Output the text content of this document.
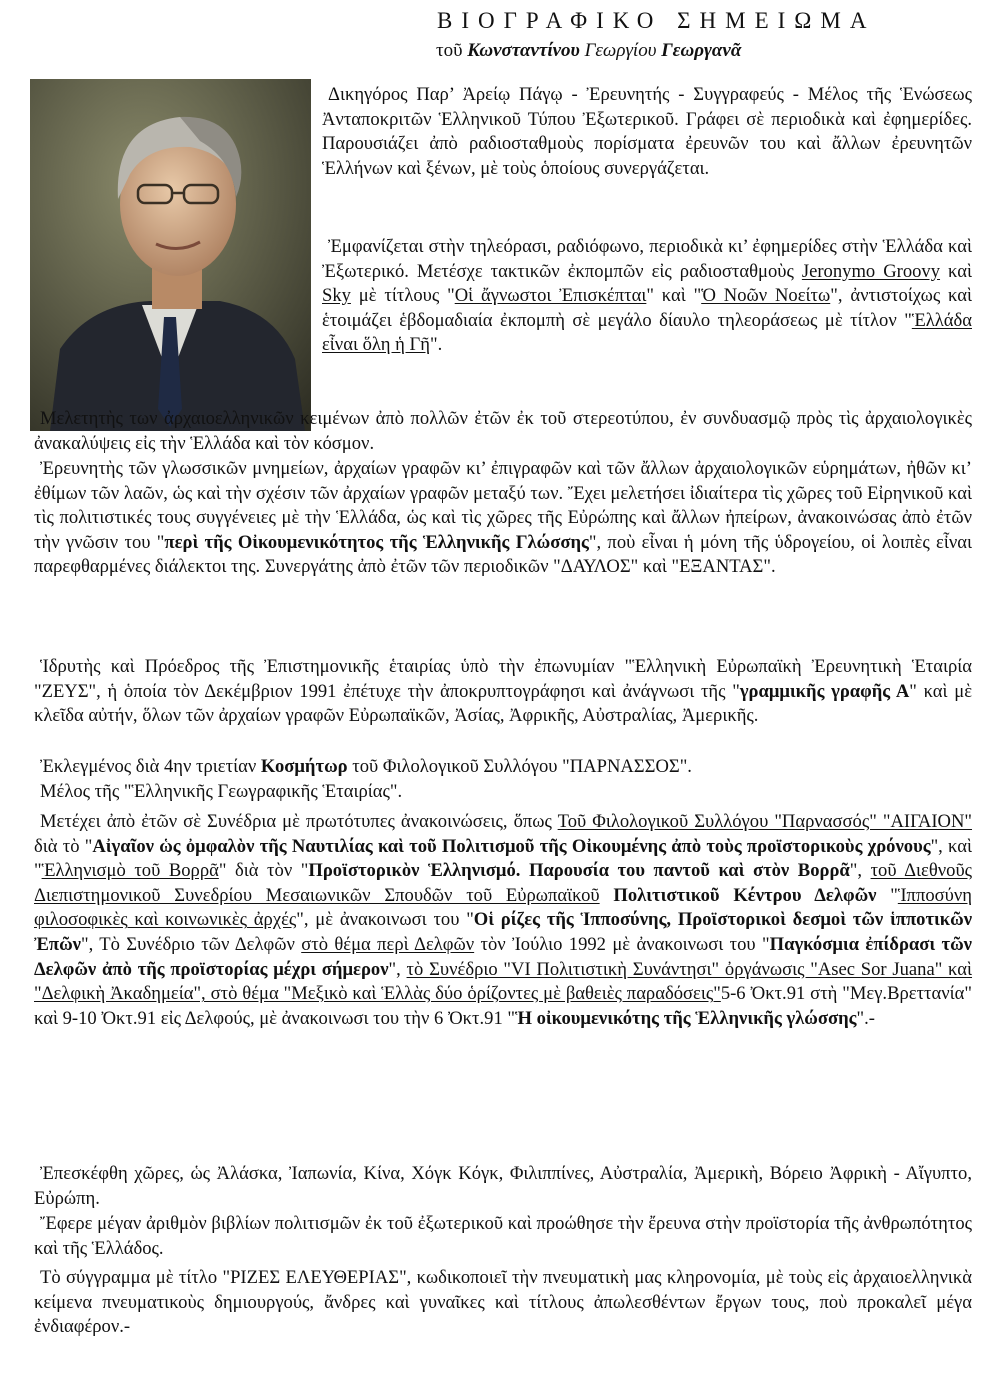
ΒΙΟΓΡΑΦΙΚΟ ΣΗΜΕΙΩΜΑ
τοῦ Κωνσταντίνου Γεωργίου Γεωργανᾶ

Δικηγόρος Παρ’ Ἀρείῳ Πάγῳ - Ἐρευνητής - Συγγραφεύς - Μέλος τῆς Ἑνώσεως Ἀνταποκριτῶν Ἑλληνικοῦ Τύπου Ἐξωτερικοῦ. Γράφει σὲ περιοδικὰ καὶ ἐφημερίδες. Παρουσιάζει ἀπὸ ραδιοσταθμοὺς πορίσματα ἐρευνῶν του καὶ ἄλλων ἐρευνητῶν Ἑλλήνων καὶ ξένων, μὲ τοὺς ὁποίους συνεργάζεται.

Ἐμφανίζεται στὴν τηλεόρασι, ραδιόφωνο, περιοδικὰ κι’ ἐφημερίδες στὴν Ἑλλάδα καὶ Ἐξωτερικό. Μετέσχε τακτικῶν ἐκπομπῶν εἰς ραδιοσταθμοὺς Jeronymo Groovy καὶ Sky μὲ τίτλους "Οἱ ἄγνωστοι Ἐπισκέπται" καὶ "Ὁ Νοῶν Νοείτω", ἀντιστοίχως καὶ ἑτοιμάζει ἑβδομαδιαία ἐκπομπὴ σὲ μεγάλο δίαυλο τηλεοράσεως μὲ τίτλον "Ἑλλάδα εἶναι ὅλη ἡ Γῆ".

Μελετητὴς των ἀρχαιοελληνικῶν κειμένων ἀπὸ πολλῶν ἐτῶν ἐκ τοῦ στερεοτύπου, ἐν συνδυασμῷ πρὸς τὶς ἀρχαιολογικὲς ἀνακαλύψεις εἰς τὴν Ἑλλάδα καὶ τὸν κόσμον.

Ἐρευνητὴς τῶν γλωσσικῶν μνημείων, ἀρχαίων γραφῶν κι’ ἐπιγραφῶν καὶ τῶν ἄλλων ἀρχαιολογικῶν εὑρημάτων, ἠθῶν κι’ ἐθίμων τῶν λαῶν, ὡς καὶ τὴν σχέσιν τῶν ἀρχαίων γραφῶν μεταξύ των. Ἔχει μελετήσει ἰδιαίτερα τὶς χῶρες τοῦ Εἰρηνικοῦ καὶ τὶς πολιτιστικές τους συγγένειες μὲ τὴν Ἑλλάδα, ὡς καὶ τὶς χῶρες τῆς Εὐρώπης καὶ ἄλλων ἠπείρων, ἀνακοινώσας ἀπὸ ἐτῶν τὴν γνῶσιν του "περὶ τῆς Οἰκουμενικότητος τῆς Ἑλληνικῆς Γλώσσης", ποὺ εἶναι ἡ μόνη τῆς ὑδρογείου, οἱ λοιπὲς εἶναι παρεφθαρμένες διάλεκτοι της. Συνεργάτης ἀπὸ ἐτῶν τῶν περιοδικῶν "ΔΑΥΛΟΣ" καὶ "ΕΞΑΝΤΑΣ".

Ἱδρυτὴς καὶ Πρόεδρος τῆς Ἐπιστημονικῆς ἑταιρίας ὑπὸ τὴν ἐπωνυμίαν "Ἑλληνικὴ Εὐρωπαϊκὴ Ἐρευνητικὴ Ἑταιρία "ΖΕΥΣ", ἡ ὁποία τὸν Δεκέμβριον 1991 ἐπέτυχε τὴν ἀποκρυπτογράφησι καὶ ἀνάγνωσι τῆς "γραμμικῆς γραφῆς Α" καὶ μὲ κλεῖδα αὐτήν, ὅλων τῶν ἀρχαίων γραφῶν Εὐρωπαϊκῶν, Ἀσίας, Ἀφρικῆς, Αὐστραλίας, Ἀμερικῆς.

Ἐκλεγμένος διὰ 4ην τριετίαν Κοσμήτωρ τοῦ Φιλολογικοῦ Συλλόγου "ΠΑΡΝΑΣΣΟΣ".

Μέλος τῆς "Ἑλληνικῆς Γεωγραφικῆς Ἑταιρίας".

Μετέχει ἀπὸ ἐτῶν σὲ Συνέδρια μὲ πρωτότυπες ἀνακοινώσεις, ὅπως Τοῦ Φιλολογικοῦ Συλλόγου "Παρνασσός" "ΑΙΓΑΙΟΝ" διὰ τὸ "Αἰγαῖον ὡς ὀμφαλὸν τῆς Ναυτιλίας καὶ τοῦ Πολιτισμοῦ τῆς Οἰκουμένης ἀπὸ τοὺς προϊστορικοὺς χρόνους", καὶ "Ἑλληνισμὸ τοῦ Βορρᾶ" διὰ τὸν "Προϊστορικὸν Ἑλληνισμό. Παρουσία του παντοῦ καὶ στὸν Βορρᾶ", τοῦ Διεθνοῦς Διεπιστημονικοῦ Συνεδρίου Μεσαιωνικῶν Σπουδῶν τοῦ Εὐρωπαϊκοῦ Πολιτιστικοῦ Κέντρου Δελφῶν "Ἱπποσύνη φιλοσοφικὲς καὶ κοινωνικὲς ἀρχές", μὲ ἀνακοινωσι του "Οἱ ρίζες τῆς Ἱπποσύνης, Προϊστορικοὶ δεσμοὶ τῶν ἱπποτικῶν Ἐπῶν", Τὸ Συνέδριο τῶν Δελφῶν στὸ θέμα περὶ Δελφῶν τὸν Ἰούλιο 1992 μὲ ἀνακοινωσι του "Παγκόσμια ἐπίδρασι τῶν Δελφῶν ἀπὸ τῆς προϊστορίας μέχρι σήμερον", τὸ Συνέδριο "VI Πολιτιστικὴ Συνάντησι" ὀργάνωσις "Asec Sor Juana" καὶ "Δελφικὴ Ἀκαδημεία", στὸ θέμα "Μεξικὸ καὶ Ἑλλὰς δύο ὁρίζοντες μὲ βαθειὲς παραδόσεις"5-6 Ὀκτ.91 στὴ "Μεγ.Βρεττανία" καὶ 9-10 Ὀκτ.91 εἰς Δελφούς, μὲ ἀνακοινωσι του τὴν 6 Ὀκτ.91 "Ἡ οἰκουμενικότης τῆς Ἑλληνικῆς γλώσσης".-

Ἐπεσκέφθη χῶρες, ὡς Ἀλάσκα, Ἰαπωνία, Κίνα, Χόγκ Κόγκ, Φιλιππίνες, Αὐστραλία, Ἀμερικὴ, Βόρειο Ἀφρικὴ - Αἴγυπτο, Εὐρώπη.

Ἔφερε μέγαν ἀριθμὸν βιβλίων πολιτισμῶν ἐκ τοῦ ἐξωτερικοῦ καὶ προώθησε τὴν ἔρευνα στὴν προϊστορία τῆς ἀνθρωπότητος καὶ τῆς Ἑλλάδος.

Τὸ σύγγραμμα μὲ τίτλο "ΡΙΖΕΣ ΕΛΕΥΘΕΡΙΑΣ", κωδικοποιεῖ τὴν πνευματικὴ μας κληρονομία, μὲ τοὺς εἰς ἀρχαιοελληνικὰ κείμενα πνευματικοὺς δημιουργούς, ἄνδρες καὶ γυναῖκες καὶ τίτλους ἀπωλεσθέντων ἔργων τους, ποὺ προκαλεῖ μέγα ἐνδιαφέρον.-
